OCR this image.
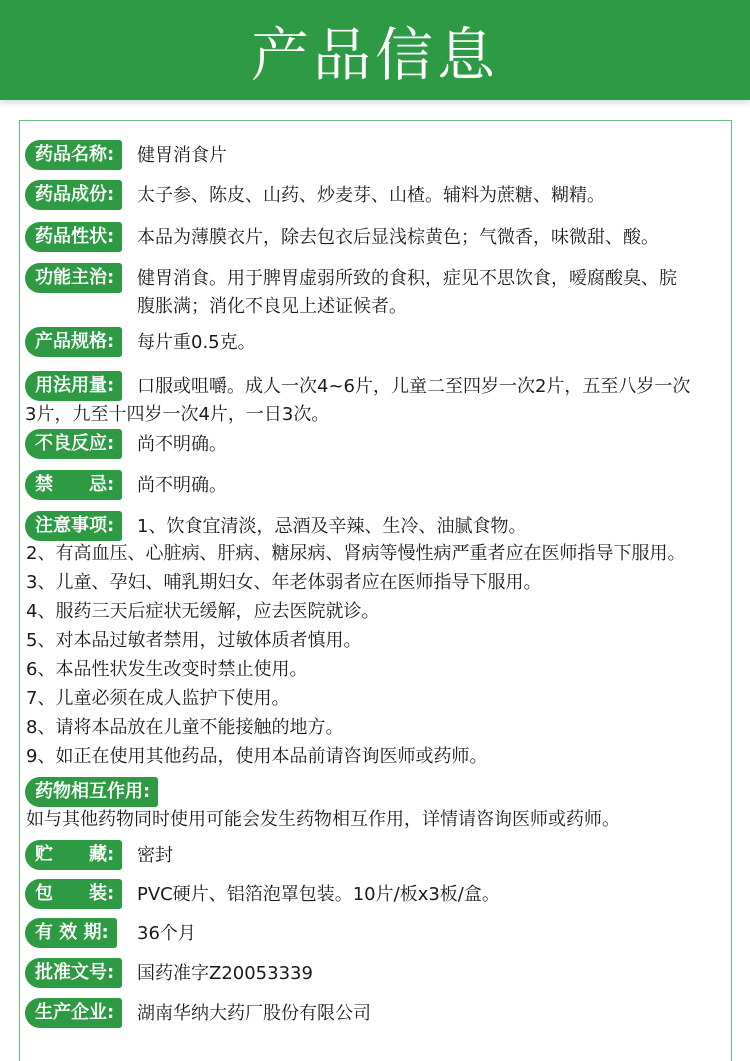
产品信息
药品名称: 健胃消食片
药品成份: 太子参、陈皮、山药、炒麦芽、山楂。辅料为蔗糖、糊精。
药品性状: 本品为薄膜衣片，除去包衣后显浅棕黄色；气微香，味微甜、酸。
功能主治: 健胃消食。用于脾胃虚弱所致的食积，症见不思饮食，嗳腐酸臭、脘
腹胀满；消化不良见上述证候者。
产品规格: 每片重0.5克。
用法用量: 口服或咀嚼。成人一次4~6片，儿童二至四岁一次2片，五至八岁一次
3片，九至十四岁一次4片，一日3次。
不良反应: 尚不明确。
禁　　忌: 尚不明确。
注意事项: 1、饮食宜清淡，忌酒及辛辣、生冷、油腻食物。
2、有高血压、心脏病、肝病、糖尿病、肾病等慢性病严重者应在医师指导下服用。
3、儿童、孕妇、哺乳期妇女、年老体弱者应在医师指导下服用。
4、服药三天后症状无缓解，应去医院就诊。
5、对本品过敏者禁用，过敏体质者慎用。
6、本品性状发生改变时禁止使用。
7、儿童必须在成人监护下使用。
8、请将本品放在儿童不能接触的地方。
9、如正在使用其他药品，使用本品前请咨询医师或药师。
药物相互作用:
如与其他药物同时使用可能会发生药物相互作用，详情请咨询医师或药师。
贮　　藏: 密封
包　　装: PVC硬片、铝箔泡罩包装。10片/板x3板/盒。
有 效 期: 36个月
批准文号: 国药准字Z20053339
生产企业: 湖南华纳大药厂股份有限公司
